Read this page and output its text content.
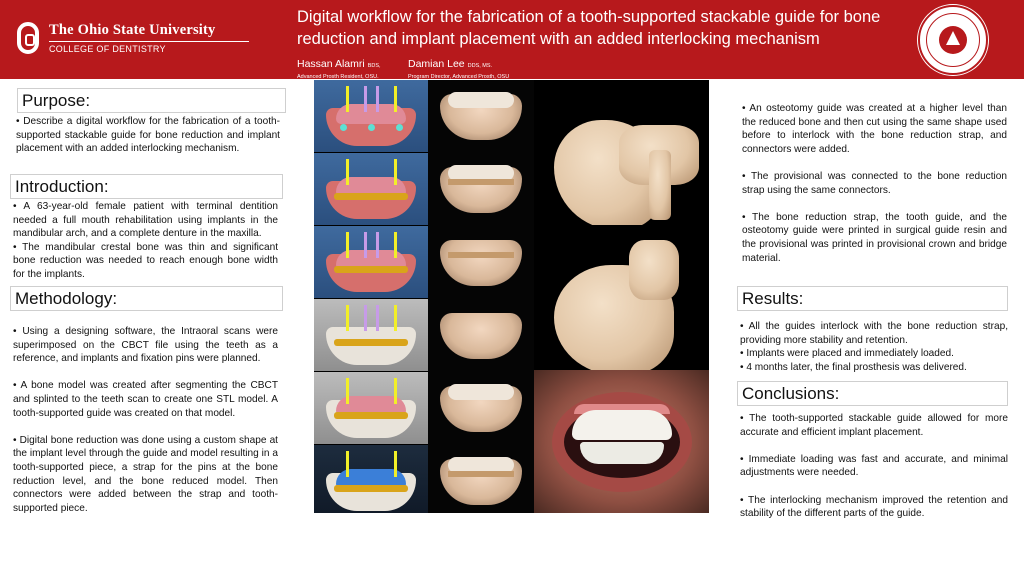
The Ohio State University
COLLEGE OF DENTISTRY
Digital workflow for the fabrication of a tooth-supported stackable guide for bone reduction and implant placement with an added interlocking mechanism
Hassan Alamri BDS,
Advanced Prosth Resident, OSU.
Damian Lee DDS, MS.
Program Director, Advanced Prosth, OSU
Purpose:

• Describe a digital workflow for the fabrication of a tooth-supported stackable guide for bone reduction and implant placement with an added interlocking mechanism.

Introduction:

• A 63-year-old female patient with terminal dentition needed a full mouth rehabilitation using implants in the mandibular arch, and a complete denture in the maxilla.

• The mandibular crestal bone was thin and significant bone reduction was needed to reach enough bone width for the implants.

Methodology:

• Using a designing software, the Intraoral scans were superimposed on the CBCT file using the teeth as a reference, and implants and fixation pins were planned.

• A bone model was created after segmenting the CBCT and splinted to the teeth scan to create one STL model. A tooth-supported guide was created on that model.

• Digital bone reduction was done using a custom shape at the implant level through the guide and model resulting in a tooth-supported piece, a strap for the pins at the bone reduction level, and the bone reduced model. Then connectors were added between the strap and tooth-supported piece.

• An osteotomy guide was created at a higher level than the reduced bone and then cut using the same shape used before to interlock with the bone reduction strap, and connectors were added.

• The provisional was connected to the bone reduction strap using the same connectors.

• The bone reduction strap, the tooth guide, and the osteotomy guide were printed in surgical guide resin and the provisional was printed in provisional crown and bridge material.

Results:

• All the guides interlock with the bone reduction strap, providing more stability and retention.

• Implants were placed and immediately loaded.

• 4 months later, the final prosthesis was delivered.

Conclusions:

• The tooth-supported stackable guide allowed for more accurate and efficient implant placement.

• Immediate loading was fast and accurate, and minimal adjustments were needed.

• The interlocking mechanism improved the retention and stability of the different parts of the guide.
